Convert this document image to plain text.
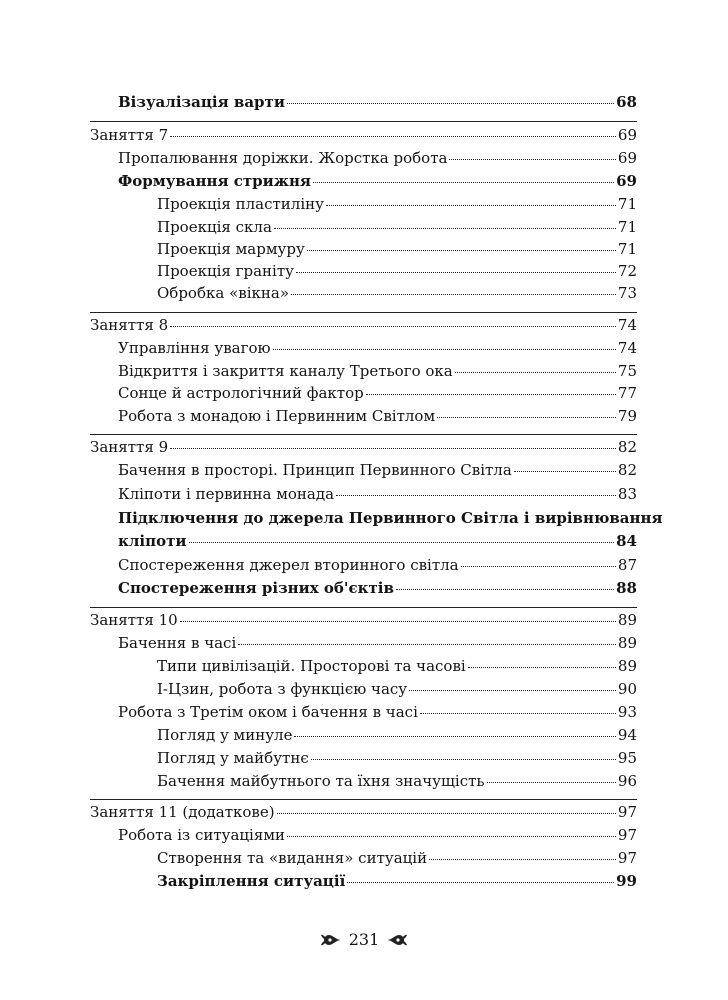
Візуалізація варти	68
Заняття 7	69
Пропалювання доріжки. Жорстка робота	69
Формування стрижня	69
Проекція пластиліну	71
Проекція скла	71
Проекція мармуру	71
Проекція граніту	72
Обробка «вікна»	73
Заняття 8	74
Управління увагою	74
Відкриття і закриття каналу Третього ока	75
Сонце й астрологічний фактор	77
Робота з монадою і Первинним Світлом	79
Заняття 9	82
Бачення в просторі. Принцип Первинного Світла	82
Кліпоти і первинна монада	83
Підключення до джерела Первинного Світла і вирівнювання
кліпоти	84
Спостереження джерел вторинного світла	87
Спостереження різних об'єктів	88
Заняття 10	89
Бачення в часі	89
Типи цивілізацій. Просторові та часові	89
І-Цзин, робота з функцією часу	90
Робота з Третім оком і бачення в часі	93
Погляд у минуле	94
Погляд у майбутнє	95
Бачення майбутнього та їхня значущість	96
Заняття 11 (додаткове)	97
Робота із ситуаціями	97
Створення та «видання» ситуацій	97
Закріплення ситуації	99
231
